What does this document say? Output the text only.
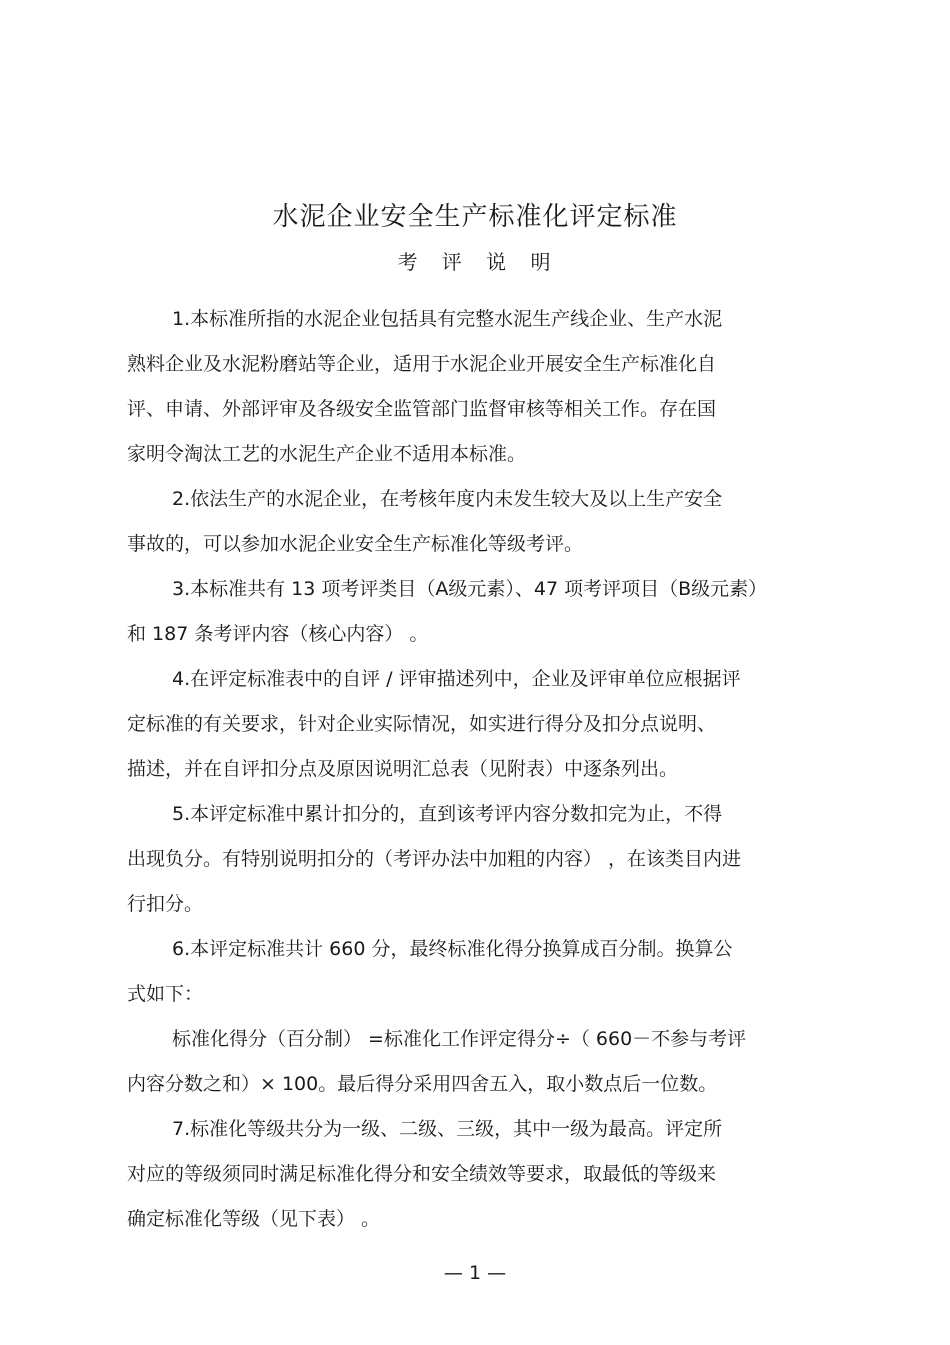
水泥企业安全生产标准化评定标准
考 评 说 明

1.本标准所指的水泥企业包括具有完整水泥生产线企业、生产水泥
熟料企业及水泥粉磨站等企业，适用于水泥企业开展安全生产标准化自
评、申请、外部评审及各级安全监管部门监督审核等相关工作。存在国
家明令淘汰工艺的水泥生产企业不适用本标准。

2.依法生产的水泥企业，在考核年度内未发生较大及以上生产安全
事故的，可以参加水泥企业安全生产标准化等级考评。

3.本标准共有 13 项考评类目（A级元素）、47 项考评项目（B级元素）
和 187 条考评内容（核心内容） 。

4.在评定标准表中的自评 / 评审描述列中，企业及评审单位应根据评
定标准的有关要求，针对企业实际情况，如实进行得分及扣分点说明、
描述，并在自评扣分点及原因说明汇总表（见附表）中逐条列出。

5.本评定标准中累计扣分的，直到该考评内容分数扣完为止，不得
出现负分。有特别说明扣分的（考评办法中加粗的内容） ，在该类目内进
行扣分。

6.本评定标准共计 660 分，最终标准化得分换算成百分制。换算公
式如下：

标准化得分（百分制） =标准化工作评定得分÷（ 660－不参与考评
内容分数之和）× 100。最后得分采用四舍五入，取小数点后一位数。

7.标准化等级共分为一级、二级、三级，其中一级为最高。评定所
对应的等级须同时满足标准化得分和安全绩效等要求，取最低的等级来
确定标准化等级（见下表） 。

— 1 —
